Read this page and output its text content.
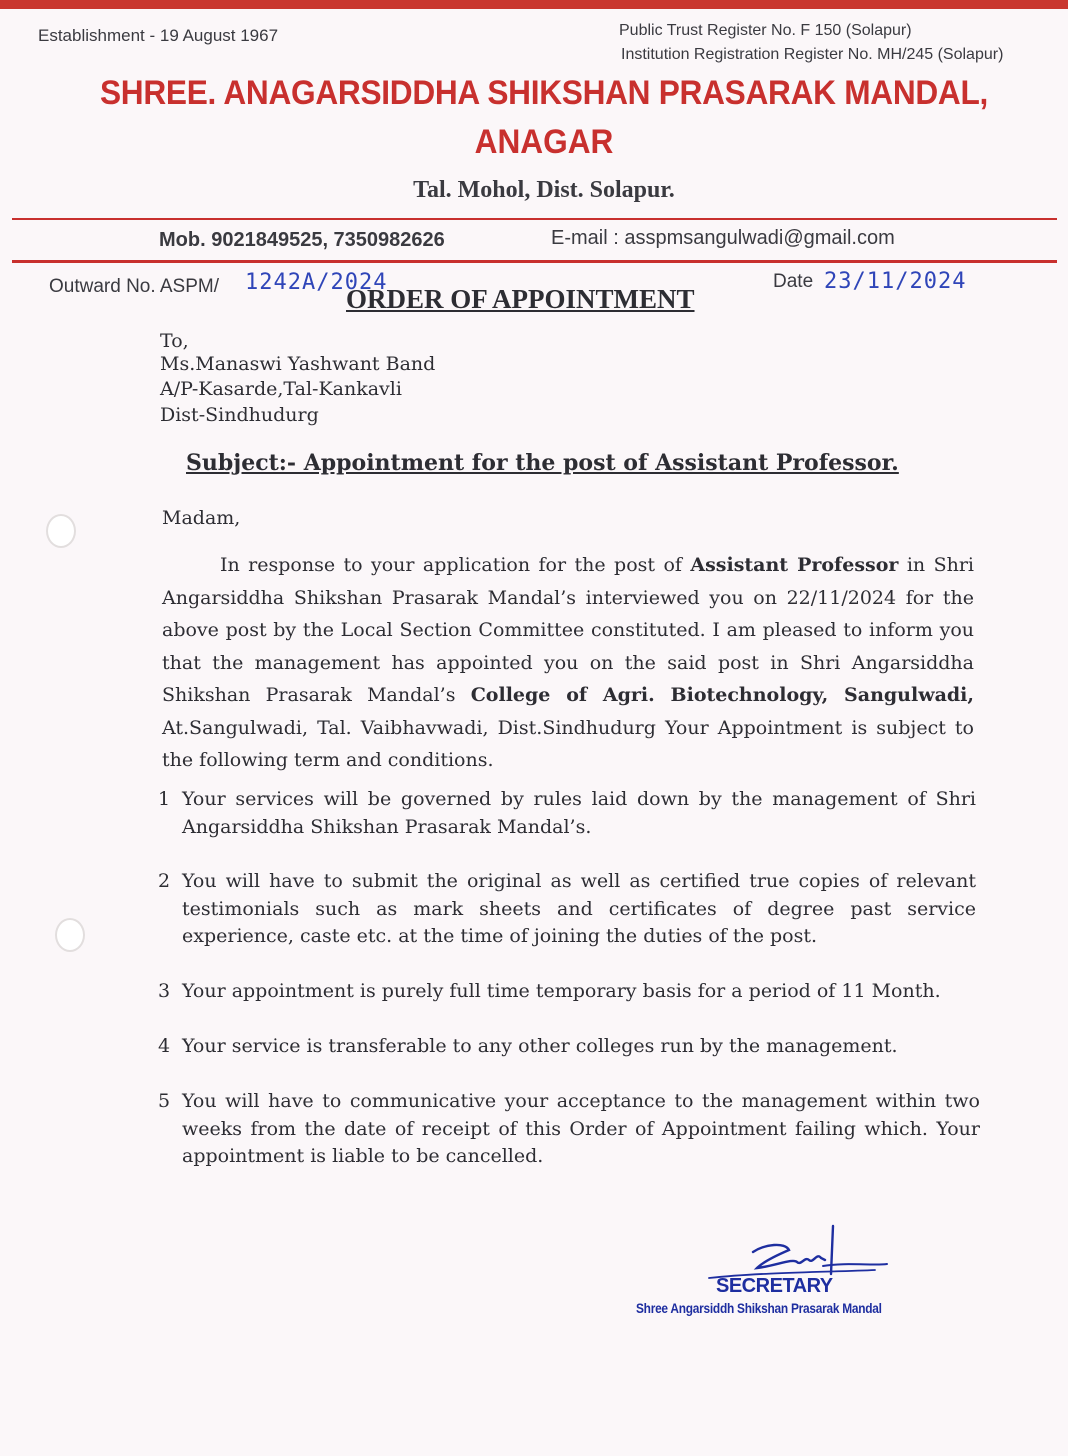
Establishment - 19 August 1967	Public Trust Register No. F 150 (Solapur)
Institution Registration Register No. MH/245 (Solapur)
SHREE. ANAGARSIDDHA SHIKSHAN PRASARAK MANDAL,
ANAGAR
Tal. Mohol, Dist. Solapur.
Mob. 9021849525, 7350982626	E-mail : asspmsangulwadi@gmail.com
Outward No. ASPM/ 1242A/2024	Date 23/11/2024
ORDER OF APPOINTMENT
To,
Ms.Manaswi Yashwant Band
A/P-Kasarde,Tal-Kankavli
Dist-Sindhudurg
Subject:- Appointment for the post of Assistant Professor.
Madam,
In response to your application for the post of Assistant Professor in Shri Angarsiddha Shikshan Prasarak Mandal’s interviewed you on 22/11/2024 for the above post by the Local Section Committee constituted. I am pleased to inform you that the management has appointed you on the said post in Shri Angarsiddha Shikshan Prasarak Mandal’s College of Agri. Biotechnology, Sangulwadi, At.Sangulwadi, Tal. Vaibhavwadi, Dist.Sindhudurg Your Appointment is subject to the following term and conditions.
1 Your services will be governed by rules laid down by the management of Shri Angarsiddha Shikshan Prasarak Mandal’s.
2 You will have to submit the original as well as certified true copies of relevant testimonials such as mark sheets and certificates of degree past service experience, caste etc. at the time of joining the duties of the post.
3 Your appointment is purely full time temporary basis for a period of 11 Month.
4 Your service is transferable to any other colleges run by the management.
5 You will have to communicative your acceptance to the management within two weeks from the date of receipt of this Order of Appointment failing which. Your appointment is liable to be cancelled.
SECRETARY
Shree Angarsiddh Shikshan Prasarak Mandal
